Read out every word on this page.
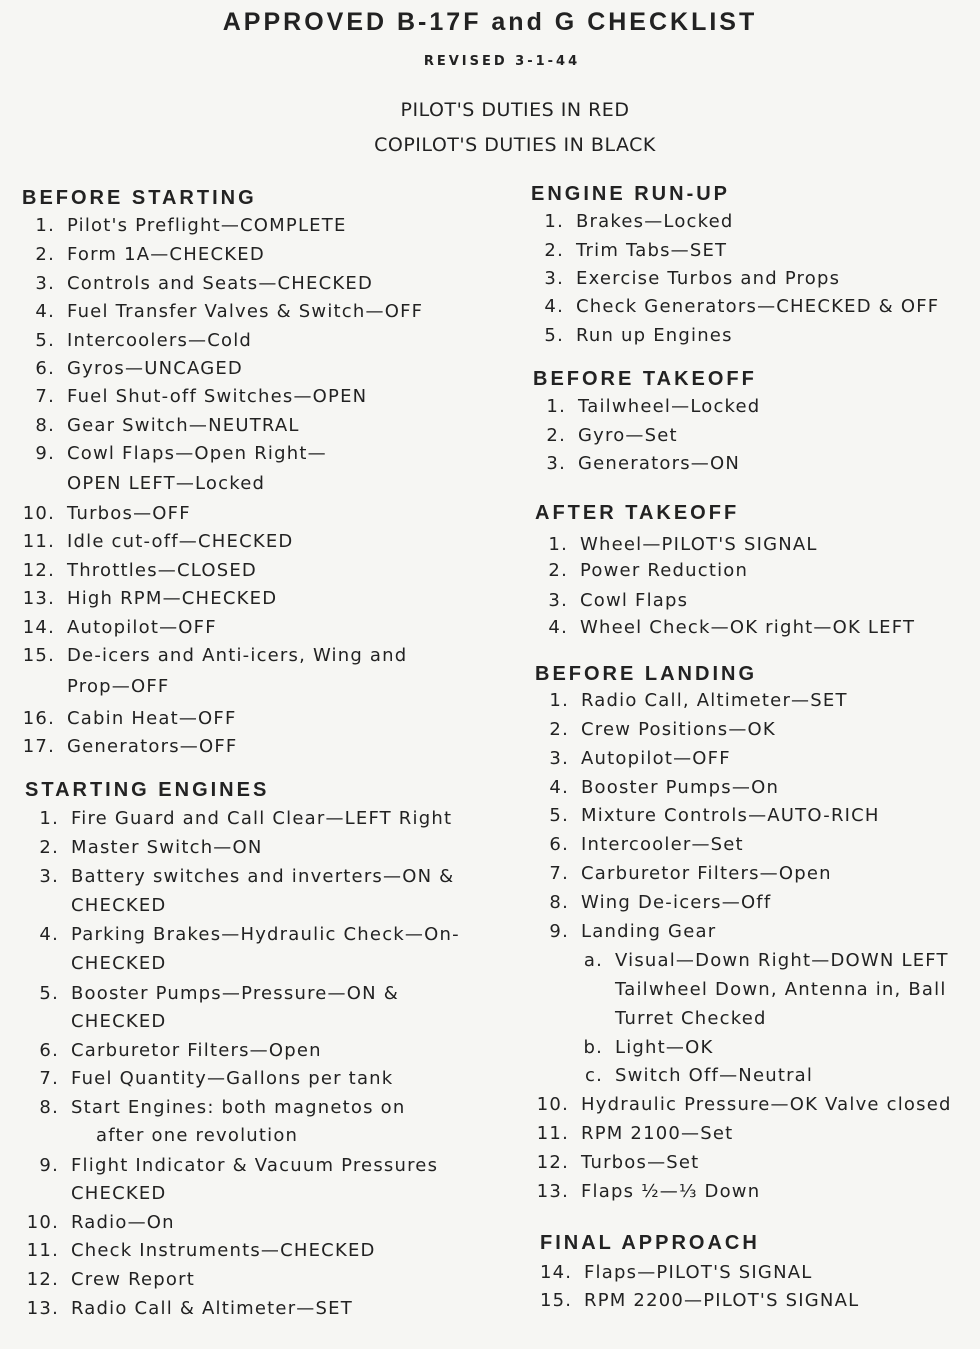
APPROVED B-17F and G CHECKLIST
REVISED 3-1-44
PILOT'S DUTIES IN RED
COPILOT'S DUTIES IN BLACK
BEFORE STARTING
1. Pilot's Preflight—COMPLETE
2. Form 1A—CHECKED
3. Controls and Seats—CHECKED
4. Fuel Transfer Valves & Switch—OFF
5. Intercoolers—Cold
6. Gyros—UNCAGED
7. Fuel Shut-off Switches—OPEN
8. Gear Switch—NEUTRAL
9. Cowl Flaps—Open Right—
OPEN LEFT—Locked
10. Turbos—OFF
11. Idle cut-off—CHECKED
12. Throttles—CLOSED
13. High RPM—CHECKED
14. Autopilot—OFF
15. De-icers and Anti-icers, Wing and
Prop—OFF
16. Cabin Heat—OFF
17. Generators—OFF
STARTING ENGINES
1. Fire Guard and Call Clear—LEFT Right
2. Master Switch—ON
3. Battery switches and inverters—ON &
CHECKED
4. Parking Brakes—Hydraulic Check—On-
CHECKED
5. Booster Pumps—Pressure—ON &
CHECKED
6. Carburetor Filters—Open
7. Fuel Quantity—Gallons per tank
8. Start Engines: both magnetos on
after one revolution
9. Flight Indicator & Vacuum Pressures
CHECKED
10. Radio—On
11. Check Instruments—CHECKED
12. Crew Report
13. Radio Call & Altimeter—SET
ENGINE RUN-UP
1. Brakes—Locked
2. Trim Tabs—SET
3. Exercise Turbos and Props
4. Check Generators—CHECKED & OFF
5. Run up Engines
BEFORE TAKEOFF
1. Tailwheel—Locked
2. Gyro—Set
3. Generators—ON
AFTER TAKEOFF
1. Wheel—PILOT'S SIGNAL
2. Power Reduction
3. Cowl Flaps
4. Wheel Check—OK right—OK LEFT
BEFORE LANDING
1. Radio Call, Altimeter—SET
2. Crew Positions—OK
3. Autopilot—OFF
4. Booster Pumps—On
5. Mixture Controls—AUTO-RICH
6. Intercooler—Set
7. Carburetor Filters—Open
8. Wing De-icers—Off
9. Landing Gear
a. Visual—Down Right—DOWN LEFT
Tailwheel Down, Antenna in, Ball
Turret Checked
b. Light—OK
c. Switch Off—Neutral
10. Hydraulic Pressure—OK Valve closed
11. RPM 2100—Set
12. Turbos—Set
13. Flaps ½—⅓ Down
FINAL APPROACH
14. Flaps—PILOT'S SIGNAL
15. RPM 2200—PILOT'S SIGNAL
